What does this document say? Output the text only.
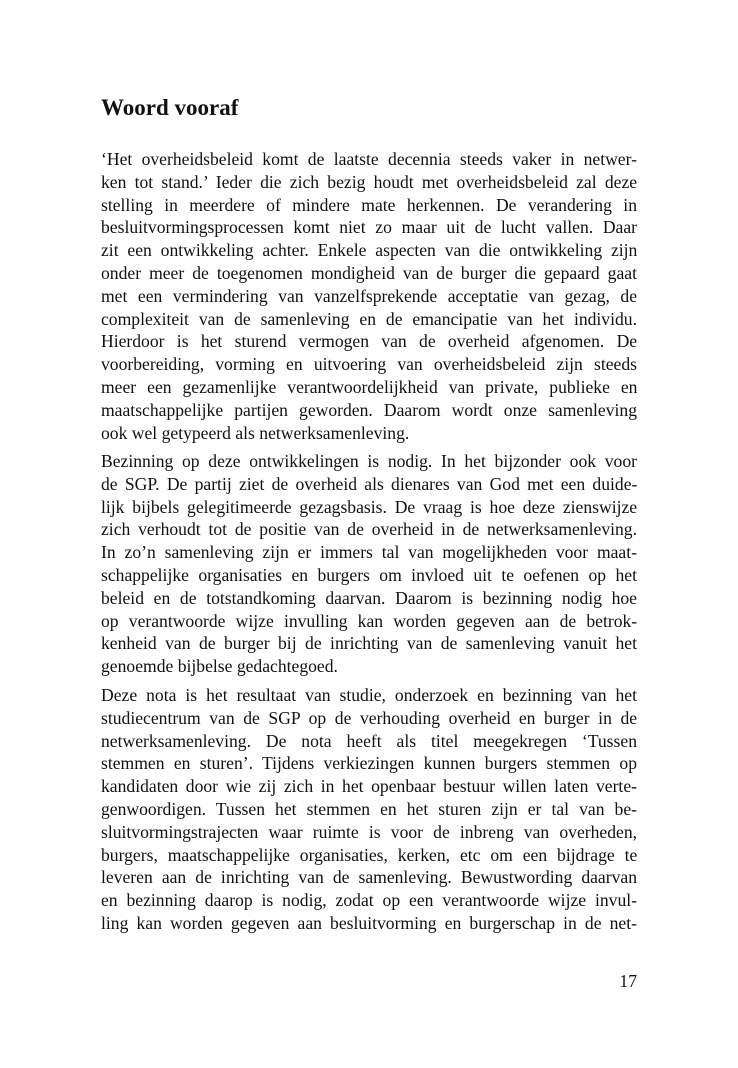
Woord vooraf
‘Het overheidsbeleid komt de laatste decennia steeds vaker in netwer-
ken tot stand.’ Ieder die zich bezig houdt met overheidsbeleid zal deze
stelling in meerdere of mindere mate herkennen. De verandering in
besluitvormingsprocessen komt niet zo maar uit de lucht vallen. Daar
zit een ontwikkeling achter. Enkele aspecten van die ontwikkeling zijn
onder meer de toegenomen mondigheid van de burger die gepaard gaat
met een vermindering van vanzelfsprekende acceptatie van gezag, de
complexiteit van de samenleving en de emancipatie van het individu.
Hierdoor is het sturend vermogen van de overheid afgenomen. De
voorbereiding, vorming en uitvoering van overheidsbeleid zijn steeds
meer een gezamenlijke verantwoordelijkheid van private, publieke en
maatschappelijke partijen geworden. Daarom wordt onze samenleving
ook wel getypeerd als netwerksamenleving.
Bezinning op deze ontwikkelingen is nodig. In het bijzonder ook voor
de SGP. De partij ziet de overheid als dienares van God met een duide-
lijk bijbels gelegitimeerde gezagsbasis. De vraag is hoe deze zienswijze
zich verhoudt tot de positie van de overheid in de netwerksamenleving.
In zo’n samenleving zijn er immers tal van mogelijkheden voor maat-
schappelijke organisaties en burgers om invloed uit te oefenen op het
beleid en de totstandkoming daarvan. Daarom is bezinning nodig hoe
op verantwoorde wijze invulling kan worden gegeven aan de betrok-
kenheid van de burger bij de inrichting van de samenleving vanuit het
genoemde bijbelse gedachtegoed.
Deze nota is het resultaat van studie, onderzoek en bezinning van het
studiecentrum van de SGP op de verhouding overheid en burger in de
netwerksamenleving. De nota heeft als titel meegekregen ‘Tussen
stemmen en sturen’. Tijdens verkiezingen kunnen burgers stemmen op
kandidaten door wie zij zich in het openbaar bestuur willen laten verte-
genwoordigen. Tussen het stemmen en het sturen zijn er tal van be-
sluitvormingstrajecten waar ruimte is voor de inbreng van overheden,
burgers, maatschappelijke organisaties, kerken, etc om een bijdrage te
leveren aan de inrichting van de samenleving. Bewustwording daarvan
en bezinning daarop is nodig, zodat op een verantwoorde wijze invul-
ling kan worden gegeven aan besluitvorming en burgerschap in de net-
17
